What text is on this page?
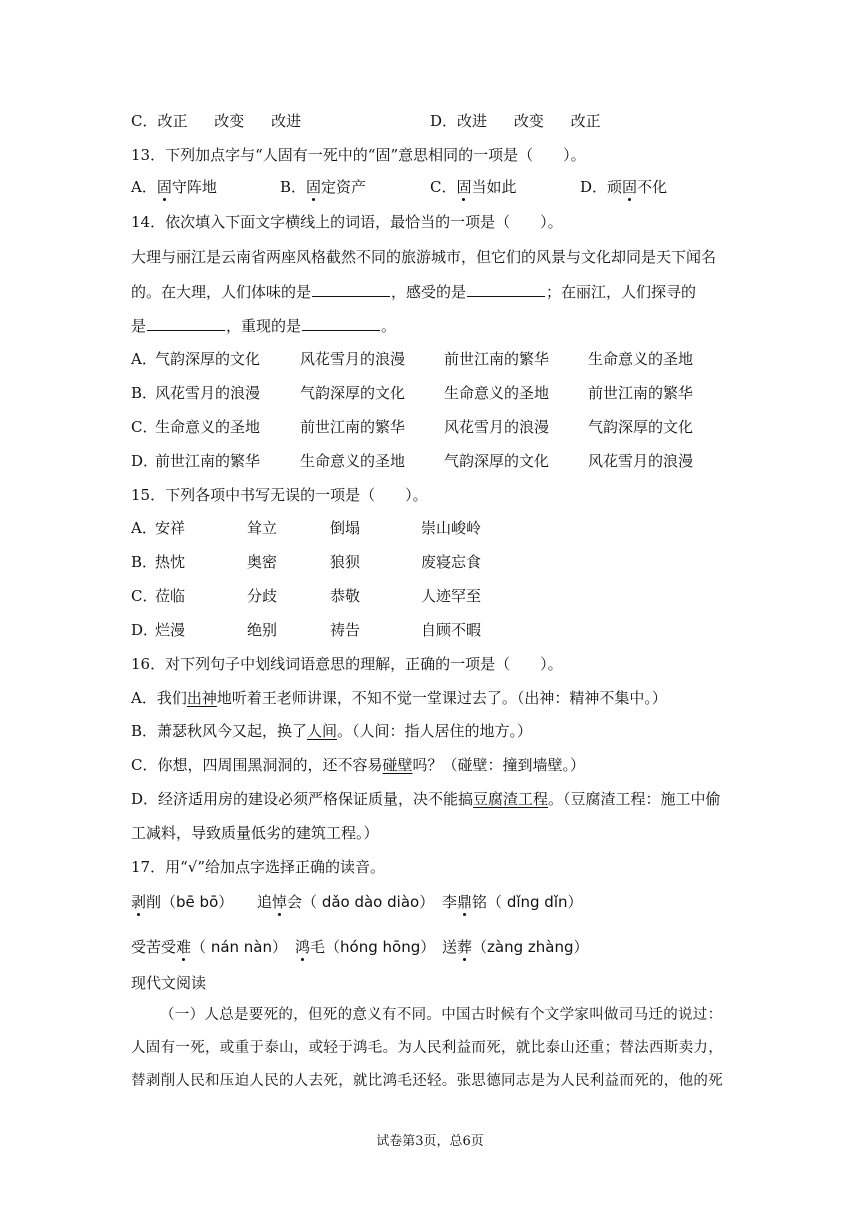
C．改正 改变 改进	D．改进 改变 改正
13．下列加点字与“人固有一死中的“固”意思相同的一项是（　　）。
A．固守阵地	B．固定资产	C．固当如此	D．顽固不化
14．依次填入下面文字横线上的词语，最恰当的一项是（　　）。
大理与丽江是云南省两座风格截然不同的旅游城市，但它们的风景与文化却同是天下闻名
的。在大理，人们体味的是	，感受的是	；在丽江，人们探寻的
是	，重现的是	。
A．
气韵深厚的文化	风花雪月的浪漫	前世江南的繁华	生命意义的圣地
B．
风花雪月的浪漫	气韵深厚的文化	生命意义的圣地	前世江南的繁华
C．
生命意义的圣地	前世江南的繁华	风花雪月的浪漫	气韵深厚的文化
D．
前世江南的繁华	生命意义的圣地	气韵深厚的文化	风花雪月的浪漫
15．下列各项中书写无误的一项是（　　）。
A．
安祥	耸立	倒塌	崇山峻岭
B．
热忱	奥密	狼狈	废寝忘食
C．
莅临	分歧	恭敬	人迹罕至
D．
烂漫	绝别	祷告	自顾不暇
16．对下列句子中划线词语意思的理解，正确的一项是（　　）。
A．我们出神地听着王老师讲课，不知不觉一堂课过去了。（出神：精神不集中。）
B．萧瑟秋风今又起，换了人间。（人间：指人居住的地方。）
C．你想，四周围黑洞洞的，还不容易碰壁吗？（碰壁：撞到墙壁。）
D．经济适用房的建设必须严格保证质量，决不能搞豆腐渣工程。（豆腐渣工程：施工中偷
工减料，导致质量低劣的建筑工程。）
17．用“√”给加点字选择正确的读音。
剥削（bē bō） 追悼会（ dǎo dào diào） 李鼎铭（ dǐng dǐn）
受苦受难（ nán nàn） 鸿毛（hóng hōng） 送葬（zàng zhàng）
现代文阅读
（一）人总是要死的，但死的意义有不同。中国古时候有个文学家叫做司马迁的说过：
人固有一死，或重于泰山，或轻于鸿毛。为人民利益而死，就比泰山还重；替法西斯卖力，
替剥削人民和压迫人民的人去死，就比鸿毛还轻。张思德同志是为人民利益而死的，他的死
试卷第3页，总6页
